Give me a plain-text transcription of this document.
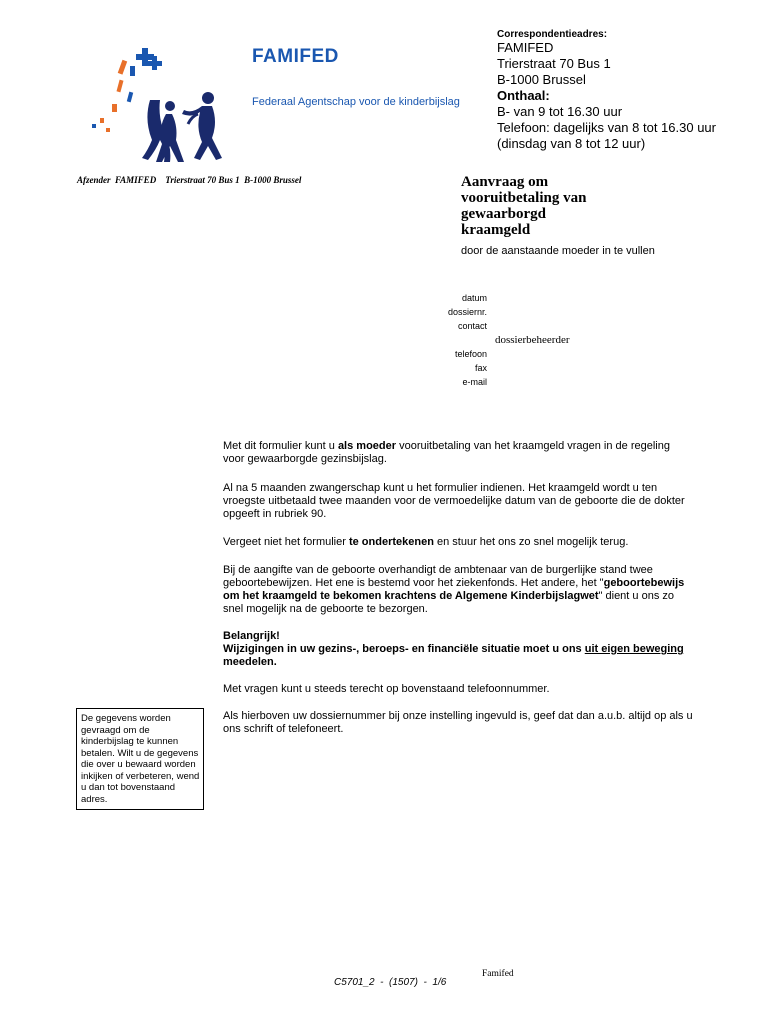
FAMIFED
Federaal Agentschap voor de kinderbijslag
Correspondentieadres:
FAMIFED
Trierstraat 70 Bus 1
B-1000 Brussel
Onthaal:
B- van 9 tot 16.30 uur
Telefoon: dagelijks van 8 tot 16.30 uur
(dinsdag van 8 tot 12 uur)
Afzender  FAMIFED    Trierstraat 70 Bus 1  B-1000 Brussel	Aanvraag om
vooruitbetaling van
gewaarborgd
kraamgeld
door de aanstaande moeder in te vullen
datum
dossiernr.
contact
dossierbeheerder
telefoon
fax
e-mail
Met dit formulier kunt u als moeder vooruitbetaling van het kraamgeld vragen in de regeling voor gewaarborgde gezinsbijslag.
Al na 5 maanden zwangerschap kunt u het formulier indienen. Het kraamgeld wordt u ten vroegste uitbetaald twee maanden voor de vermoedelijke datum van de geboorte die de dokter opgeeft in rubriek 90.
Vergeet niet het formulier te ondertekenen en stuur het ons zo snel mogelijk terug.
Bij de aangifte van de geboorte overhandigt de ambtenaar van de burgerlijke stand twee geboortebewijzen. Het ene is bestemd voor het ziekenfonds. Het andere, het "geboortebewijs om het kraamgeld te bekomen krachtens de Algemene Kinderbijslagwet" dient u ons zo snel mogelijk na de geboorte te bezorgen.
Belangrijk!
Wijzigingen in uw gezins-, beroeps- en financiële situatie moet u ons uit eigen beweging meedelen.
Met vragen kunt u steeds terecht op bovenstaand telefoonnummer.
Als hierboven uw dossiernummer bij onze instelling ingevuld is, geef dat dan a.u.b. altijd op als u ons schrift of telefoneert.
De gegevens worden gevraagd om de kinderbijslag te kunnen betalen. Wilt u de gegevens die over u bewaard worden inkijken of verbeteren, wend u dan tot bovenstaand adres.
C5701_2  -  (1507)  -  1/6
Famifed
